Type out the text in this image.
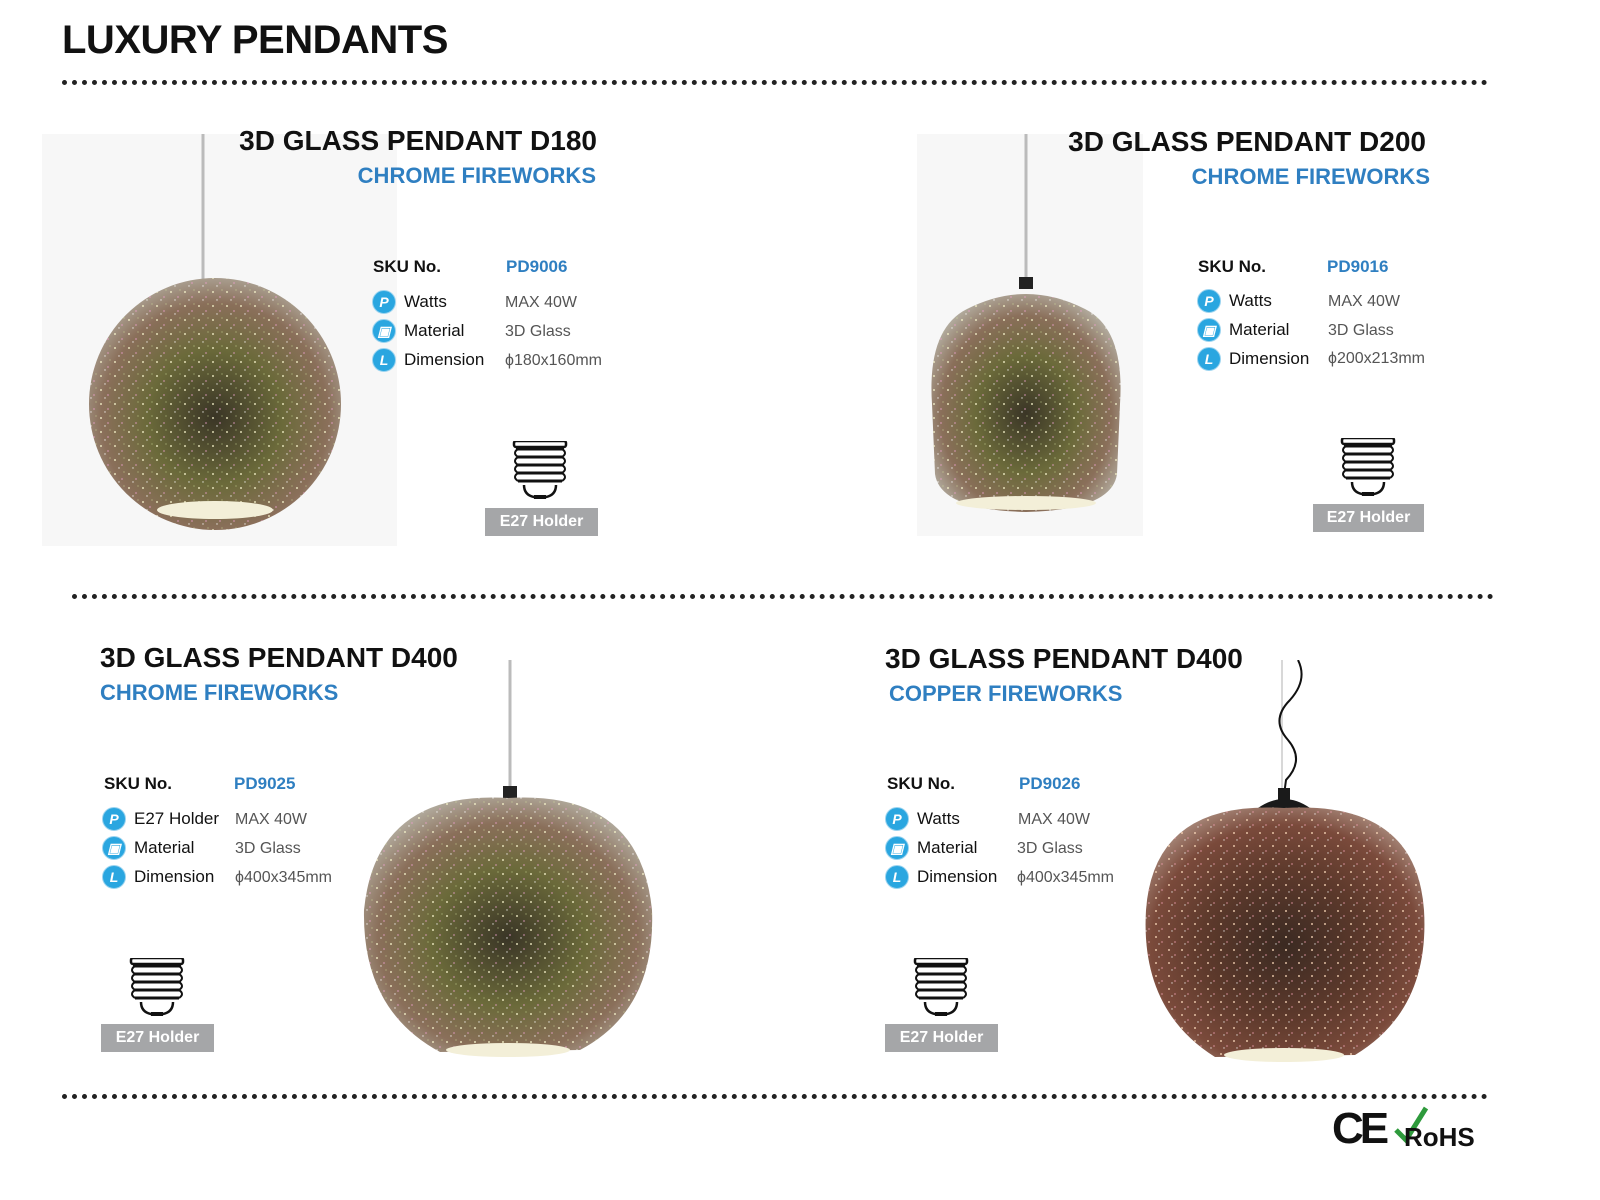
LUXURY PENDANTS
3D GLASS PENDANT D180
CHROME FIREWORKS
SKU No.	PD9006
P Watts	MAX 40W
▣ Material	3D Glass
L Dimension ϕ180x160mm
E27 Holder
3D GLASS PENDANT D200
CHROME FIREWORKS
SKU No.	PD9016
P Watts	MAX 40W
▣ Material 3D Glass
L Dimension ϕ200x213mm
E27 Holder
3D GLASS PENDANT D400
CHROME FIREWORKS
SKU No.	PD9025
P E27 Holder MAX 40W
▣ Material	3D Glass
L Dimension ϕ400x345mm
E27 Holder
3D GLASS PENDANT D400
COPPER FIREWORKS
SKU No.	PD9026
P Watts	MAX 40W
▣ Material 3D Glass
L Dimension ϕ400x345mm
E27 Holder
CE RoHS
